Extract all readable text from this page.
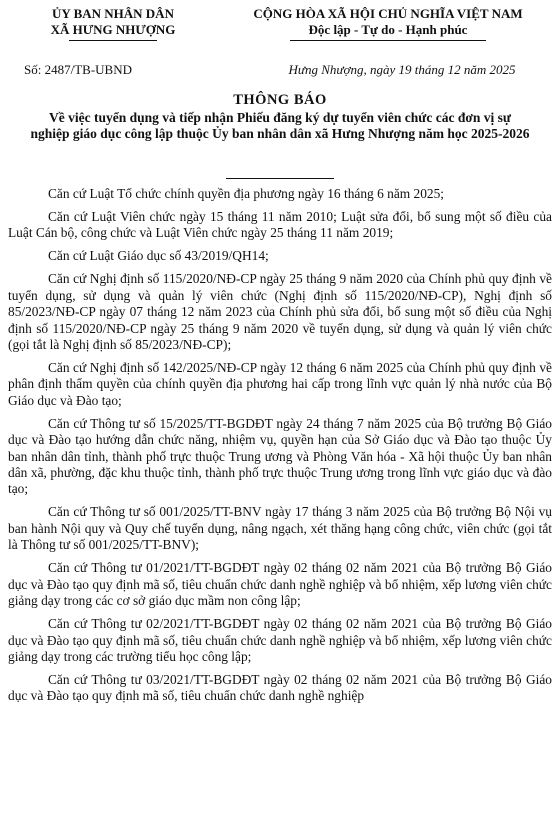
ỦY BAN NHÂN DÂN
XÃ HƯNG NHƯỢNG
CỘNG HÒA XÃ HỘI CHỦ NGHĨA VIỆT NAM
Độc lập - Tự do - Hạnh phúc
Số: 2487/TB-UBND	Hưng Nhượng, ngày 19 tháng 12 năm 2025
THÔNG BÁO
Về việc tuyển dụng và tiếp nhận Phiếu đăng ký dự tuyển viên chức các đơn vị sự nghiệp giáo dục công lập thuộc Ủy ban nhân dân xã Hưng Nhượng năm học 2025-2026

Căn cứ Luật Tổ chức chính quyền địa phương ngày 16 tháng 6 năm 2025;

Căn cứ Luật Viên chức ngày 15 tháng 11 năm 2010; Luật sửa đổi, bổ sung một số điều của Luật Cán bộ, công chức và Luật Viên chức ngày 25 tháng 11 năm 2019;

Căn cứ Luật Giáo dục số 43/2019/QH14;

Căn cứ Nghị định số 115/2020/NĐ-CP ngày 25 tháng 9 năm 2020 của Chính phủ quy định về tuyển dụng, sử dụng và quản lý viên chức (Nghị định số 115/2020/NĐ-CP), Nghị định số 85/2023/NĐ-CP ngày 07 tháng 12 năm 2023 của Chính phủ sửa đổi, bổ sung một số điều của Nghị định số 115/2020/NĐ-CP ngày 25 tháng 9 năm 2020 về tuyển dụng, sử dụng và quản lý viên chức (gọi tắt là Nghị định số 85/2023/NĐ-CP);

Căn cứ Nghị định số 142/2025/NĐ-CP ngày 12 tháng 6 năm 2025 của Chính phủ quy định về phân định thẩm quyền của chính quyền địa phương hai cấp trong lĩnh vực quản lý nhà nước của Bộ Giáo dục và Đào tạo;

Căn cứ Thông tư số 15/2025/TT-BGDĐT ngày 24 tháng 7 năm 2025 của Bộ trưởng Bộ Giáo dục và Đào tạo hướng dẫn chức năng, nhiệm vụ, quyền hạn của Sở Giáo dục và Đào tạo thuộc Ủy ban nhân dân tỉnh, thành phố trực thuộc Trung ương và Phòng Văn hóa - Xã hội thuộc Ủy ban nhân dân xã, phường, đặc khu thuộc tỉnh, thành phố trực thuộc Trung ương trong lĩnh vực giáo dục và đào tạo;

Căn cứ Thông tư số 001/2025/TT-BNV ngày 17 tháng 3 năm 2025 của Bộ trưởng Bộ Nội vụ ban hành Nội quy và Quy chế tuyển dụng, nâng ngạch, xét thăng hạng công chức, viên chức (gọi tắt là Thông tư số 001/2025/TT-BNV);

Căn cứ Thông tư 01/2021/TT-BGDĐT ngày 02 tháng 02 năm 2021 của Bộ trưởng Bộ Giáo dục và Đào tạo quy định mã số, tiêu chuẩn chức danh nghề nghiệp và bổ nhiệm, xếp lương viên chức giảng dạy trong các cơ sở giáo dục mầm non công lập;

Căn cứ Thông tư 02/2021/TT-BGDĐT ngày 02 tháng 02 năm 2021 của Bộ trưởng Bộ Giáo dục và Đào tạo quy định mã số, tiêu chuẩn chức danh nghề nghiệp và bổ nhiệm, xếp lương viên chức giảng dạy trong các trường tiểu học công lập;

Căn cứ Thông tư 03/2021/TT-BGDĐT ngày 02 tháng 02 năm 2021 của Bộ trưởng Bộ Giáo dục và Đào tạo quy định mã số, tiêu chuẩn chức danh nghề nghiệp
